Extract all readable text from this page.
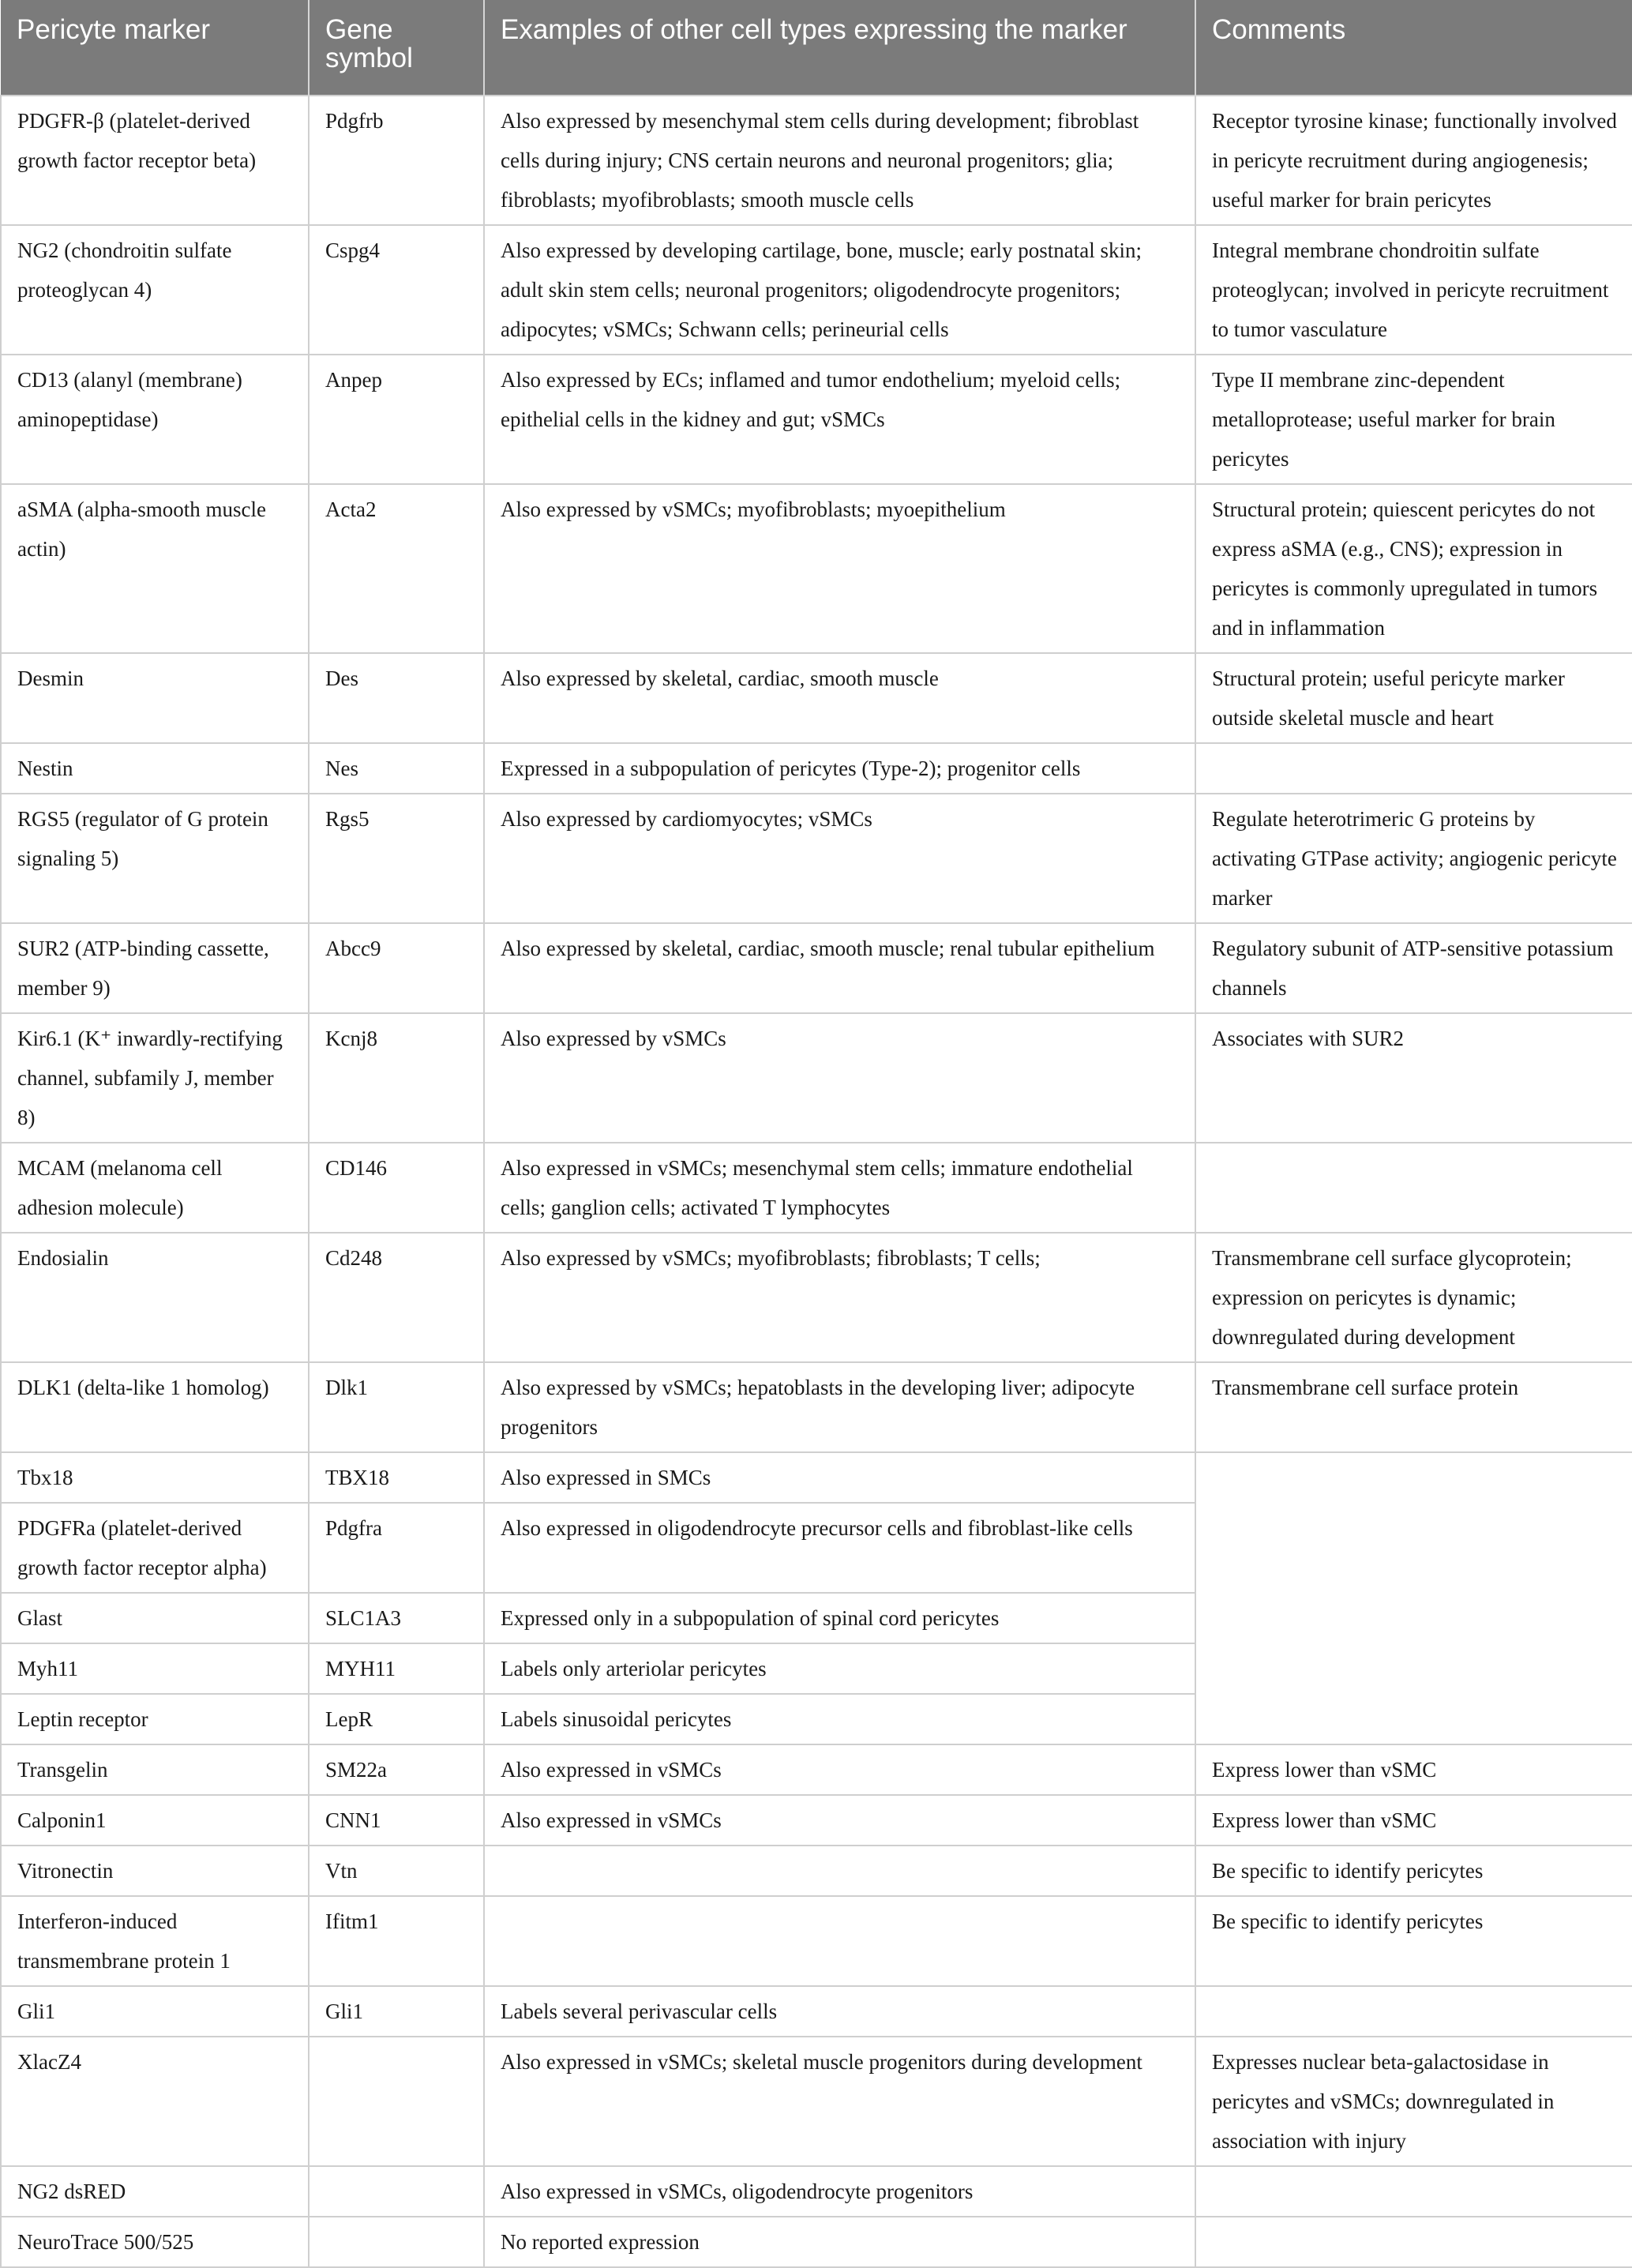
Pericyte marker	Gene symbol	Examples of other cell types expressing the marker	Comments
PDGFR-β (platelet-derived growth factor receptor beta)	Pdgfrb	Also expressed by mesenchymal stem cells during development; fibroblast cells during injury; CNS certain neurons and neuronal progenitors; glia; fibroblasts; myofibroblasts; smooth muscle cells	Receptor tyrosine kinase; functionally involved in pericyte recruitment during angiogenesis; useful marker for brain pericytes
NG2 (chondroitin sulfate proteoglycan 4)	Cspg4	Also expressed by developing cartilage, bone, muscle; early postnatal skin; adult skin stem cells; neuronal progenitors; oligodendrocyte progenitors; adipocytes; vSMCs; Schwann cells; perineurial cells	Integral membrane chondroitin sulfate proteoglycan; involved in pericyte recruitment to tumor vasculature
CD13 (alanyl (membrane) aminopeptidase)	Anpep	Also expressed by ECs; inflamed and tumor endothelium; myeloid cells; epithelial cells in the kidney and gut; vSMCs	Type II membrane zinc-dependent metalloprotease; useful marker for brain pericytes
aSMA (alpha-smooth muscle actin)	Acta2	Also expressed by vSMCs; myofibroblasts; myoepithelium	Structural protein; quiescent pericytes do not express aSMA (e.g., CNS); expression in pericytes is commonly upregulated in tumors and in inflammation
Desmin	Des	Also expressed by skeletal, cardiac, smooth muscle	Structural protein; useful pericyte marker outside skeletal muscle and heart
Nestin	Nes	Expressed in a subpopulation of pericytes (Type-2); progenitor cells	
RGS5 (regulator of G protein signaling 5)	Rgs5	Also expressed by cardiomyocytes; vSMCs	Regulate heterotrimeric G proteins by activating GTPase activity; angiogenic pericyte marker
SUR2 (ATP-binding cassette, member 9)	Abcc9	Also expressed by skeletal, cardiac, smooth muscle; renal tubular epithelium	Regulatory subunit of ATP-sensitive potassium channels
Kir6.1 (K⁺ inwardly-rectifying channel, subfamily J, member 8)	Kcnj8	Also expressed by vSMCs	Associates with SUR2
MCAM (melanoma cell adhesion molecule)	CD146	Also expressed in vSMCs; mesenchymal stem cells; immature endothelial cells; ganglion cells; activated T lymphocytes	
Endosialin	Cd248	Also expressed by vSMCs; myofibroblasts; fibroblasts; T cells;	Transmembrane cell surface glycoprotein; expression on pericytes is dynamic; downregulated during development
DLK1 (delta-like 1 homolog)	Dlk1	Also expressed by vSMCs; hepatoblasts in the developing liver; adipocyte progenitors	Transmembrane cell surface protein
Tbx18	TBX18	Also expressed in SMCs	
PDGFRa (platelet-derived growth factor receptor alpha)	Pdgfra	Also expressed in oligodendrocyte precursor cells and fibroblast-like cells	
Glast	SLC1A3	Expressed only in a subpopulation of spinal cord pericytes	
Myh11	MYH11	Labels only arteriolar pericytes	
Leptin receptor	LepR	Labels sinusoidal pericytes	
Transgelin	SM22a	Also expressed in vSMCs	Express lower than vSMC
Calponin1	CNN1	Also expressed in vSMCs	Express lower than vSMC
Vitronectin	Vtn		Be specific to identify pericytes
Interferon-induced transmembrane protein 1	Ifitm1		Be specific to identify pericytes
Gli1	Gli1	Labels several perivascular cells	
XlacZ4		Also expressed in vSMCs; skeletal muscle progenitors during development	Expresses nuclear beta-galactosidase in pericytes and vSMCs; downregulated in association with injury
NG2 dsRED		Also expressed in vSMCs, oligodendrocyte progenitors	
NeuroTrace 500/525		No reported expression	
